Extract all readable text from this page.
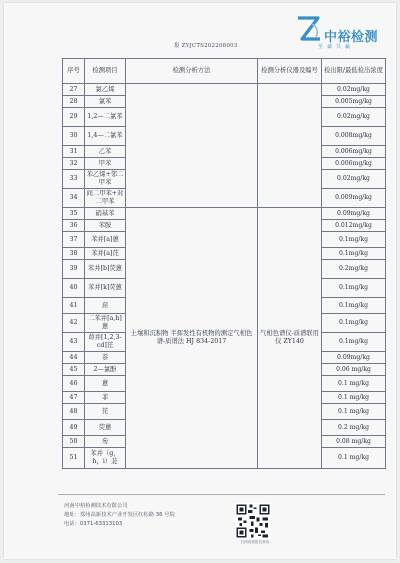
中裕检测
至 诚 共 赢
报 ZYJCTS202208003
序号	检测项目	检测分析方法	检测分析仪器及编号	检出限/最低检出浓度
27	氯乙烯			0.02mg/kg
28	氯苯			0.005mg/kg
29	1,2—二氯苯			0.02mg/kg
30	1,4—二氯苯			0.008mg/kg
31	乙苯			0.006mg/kg
32	甲苯			0.006mg/kg
33	苯乙烯+邻二甲苯			0.02mg/kg
34	间二甲苯+对二甲苯			0.009mg/kg
35	硝基苯	土壤和沉积物 半挥发性有机物的测定气相色谱-质谱法 HJ 834-2017	气相色谱仪-质谱联用仪 ZY140	0.09mg/kg
36	苯胺			0.012mg/kg
37	苯并[a]蒽			0.1mg/kg
38	苯并[a]芘			0.1mg/kg
39	苯并[b]荧蒽			0.2mg/kg
40	苯并[k]荧蒽			0.1mg/kg
41	䓛			0.1mg/kg
42	二苯并[a,h]蒽			0.1mg/kg
43	茚并[1,2,3-cd]芘			0.1mg/kg
44	萘			0.09mg/kg
45	2—氯酚			0.06 mg/kg
46	蒽			0.1 mg/kg
47	菲			0.1 mg/kg
48	芘			0.1 mg/kg
49	荧蒽			0.2 mg/kg
50	芴			0.08 mg/kg
51	苯并（g，h，i）苝			0.1 mg/kg
河南中裕检测技术有限公司
地址：郑州高新技术产业开发区红松路 36 号院
电话：0371-63313103
扫码查看报告真伪
